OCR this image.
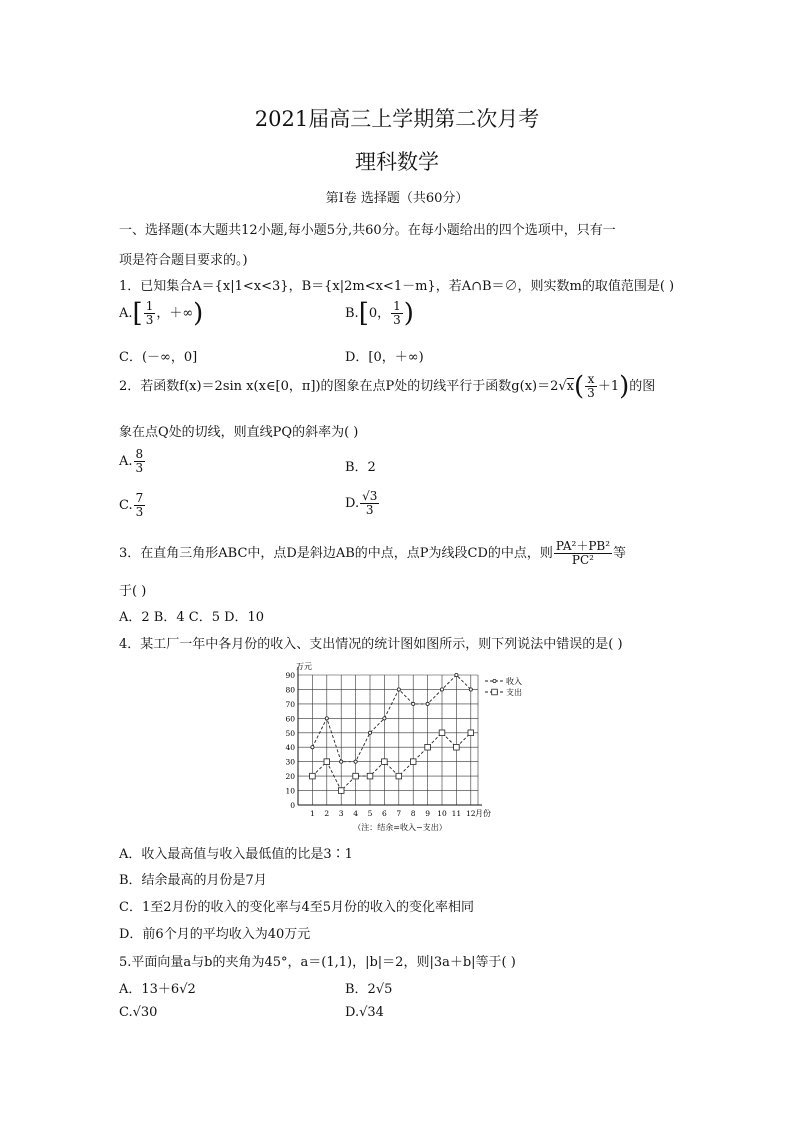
2021届高三上学期第二次月考
理科数学
第Ⅰ卷 选择题（共60分）
一、选择题(本大题共12小题,每小题5分,共60分。在每小题给出的四个选项中，只有一
项是符合题目要求的。)
1．已知集合A＝{x|1<x<3}，B＝{x|2m<x<1－m}，若A∩B＝∅，则实数m的取值范围是( )
$A.[ \frac{1}{3}$ ，＋∞)	B.[0， $\frac{1}{3}$ )
C．(－∞，0]	D．[0，＋∞)
2．若函数f(x)＝2sin x(x∈[0，π])的图象在点P处的切线平行于函数$g(x)=2√x( \frac{x}{3} +1)$的图
象在点Q处的切线，则直线PQ的斜率为( )
A. $\frac{8}{3}$	B．2
C. $\frac{7}{3}$	D. $\frac{√3}{3}$
3．在直角三角形ABC中，点D是斜边AB的中点，点P为线段CD的中点，则 $\frac{\text{PA²＋PB²}}{\text{PC²}}$ 等
于( )
A．2 B．4 C．5 D．10
4．某工厂一年中各月份的收入、支出情况的统计图如图所示，则下列说法中错误的是( )
0
10
20
30
40
50
60
70
80
90
1 2 3 4 5 6 7 8 9 10 11 12
收入
支出
万元
月份
（注：结余=收入−支出）
A．收入最高值与收入最低值的比是3∶1
B．结余最高的月份是7月
C．1至2月份的收入的变化率与4至5月份的收入的变化率相同
D．前6个月的平均收入为40万元
5.平面向量a与b的夹角为45°，a＝(1,1)，|b|＝2，则|3a＋b|等于( )
A．13＋6√2	B．2√5
C.√30	D.√34
